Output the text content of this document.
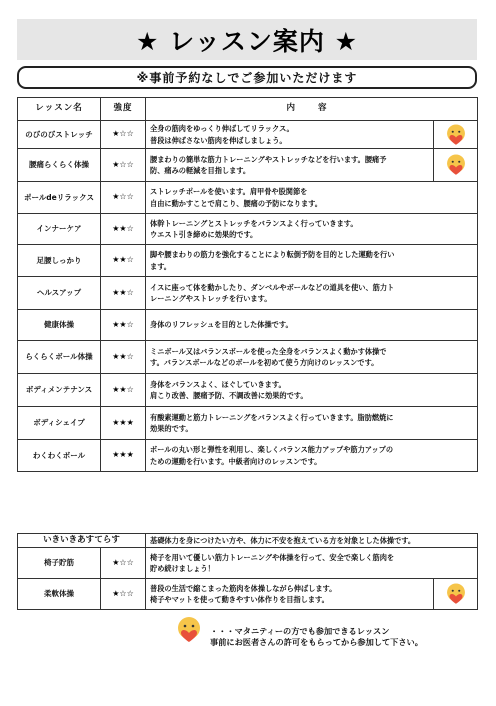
★ レッスン案内 ★
※事前予約なしでご参加いただけます
レッスン名	強度	内 容	
のびのびストレッチ	★☆☆	全身の筋肉をゆっくり伸ばしてリラックス。
普段は伸ばさない筋肉を伸ばしましょう。

腰痛らくらく体操	★☆☆	腰まわりの簡単な筋力トレーニングやストレッチなどを行います。腰痛予
防、痛みの軽減を目指します。

ポールdeリラックス	★☆☆	ストレッチポールを使います。肩甲骨や股関節を
自由に動かすことで肩こり、腰痛の予防になります。	

インナーケア	★★☆	体幹トレーニングとストレッチをバランスよく行っていきます。
ウエスト引き締めに効果的です。	

足腰しっかり	★★☆	脚や腰まわりの筋力を強化することにより転倒予防を目的とした運動を行い
ます。	

ヘルスアップ	★★☆	イスに座って体を動かしたり、ダンベルやボールなどの道具を使い、筋力ト
レーニングやストレッチを行います。	

健康体操	★★☆	身体のリフレッシュを目的とした体操です。	

らくらくボール体操	★★☆	ミニボール又はバランスボールを使った全身をバランスよく動かす体操で
す。バランスボールなどのボールを初めて使う方向けのレッスンです。	

ボディメンテナンス	★★☆	身体をバランスよく、ほぐしていきます。
肩こり改善、腰痛予防、不調改善に効果的です。	

ボディシェイプ	★★★	有酸素運動と筋力トレーニングをバランスよく行っていきます。脂肪燃焼に
効果的です。	

わくわくボール	★★★	ボールの丸い形と弾性を利用し、楽しくバランス能力アップや筋力アップの
ための運動を行います。中級者向けのレッスンです。	
いきいきあすてらす		基礎体力を身につけたい方や、体力に不安を抱えている方を対象とした体操です。	
椅子貯筋	★☆☆	椅子を用いて優しい筋力トレーニングや体操を行って、安全で楽しく筋肉を
貯め続けましょう！	

柔軟体操	★☆☆	普段の生活で縮こまった筋肉を体操しながら伸ばします。
椅子やマットを使って動きやすい体作りを目指します。

・・・マタニティーの方でも参加できるレッスン
事前にお医者さんの許可をもらってから参加して下さい。
